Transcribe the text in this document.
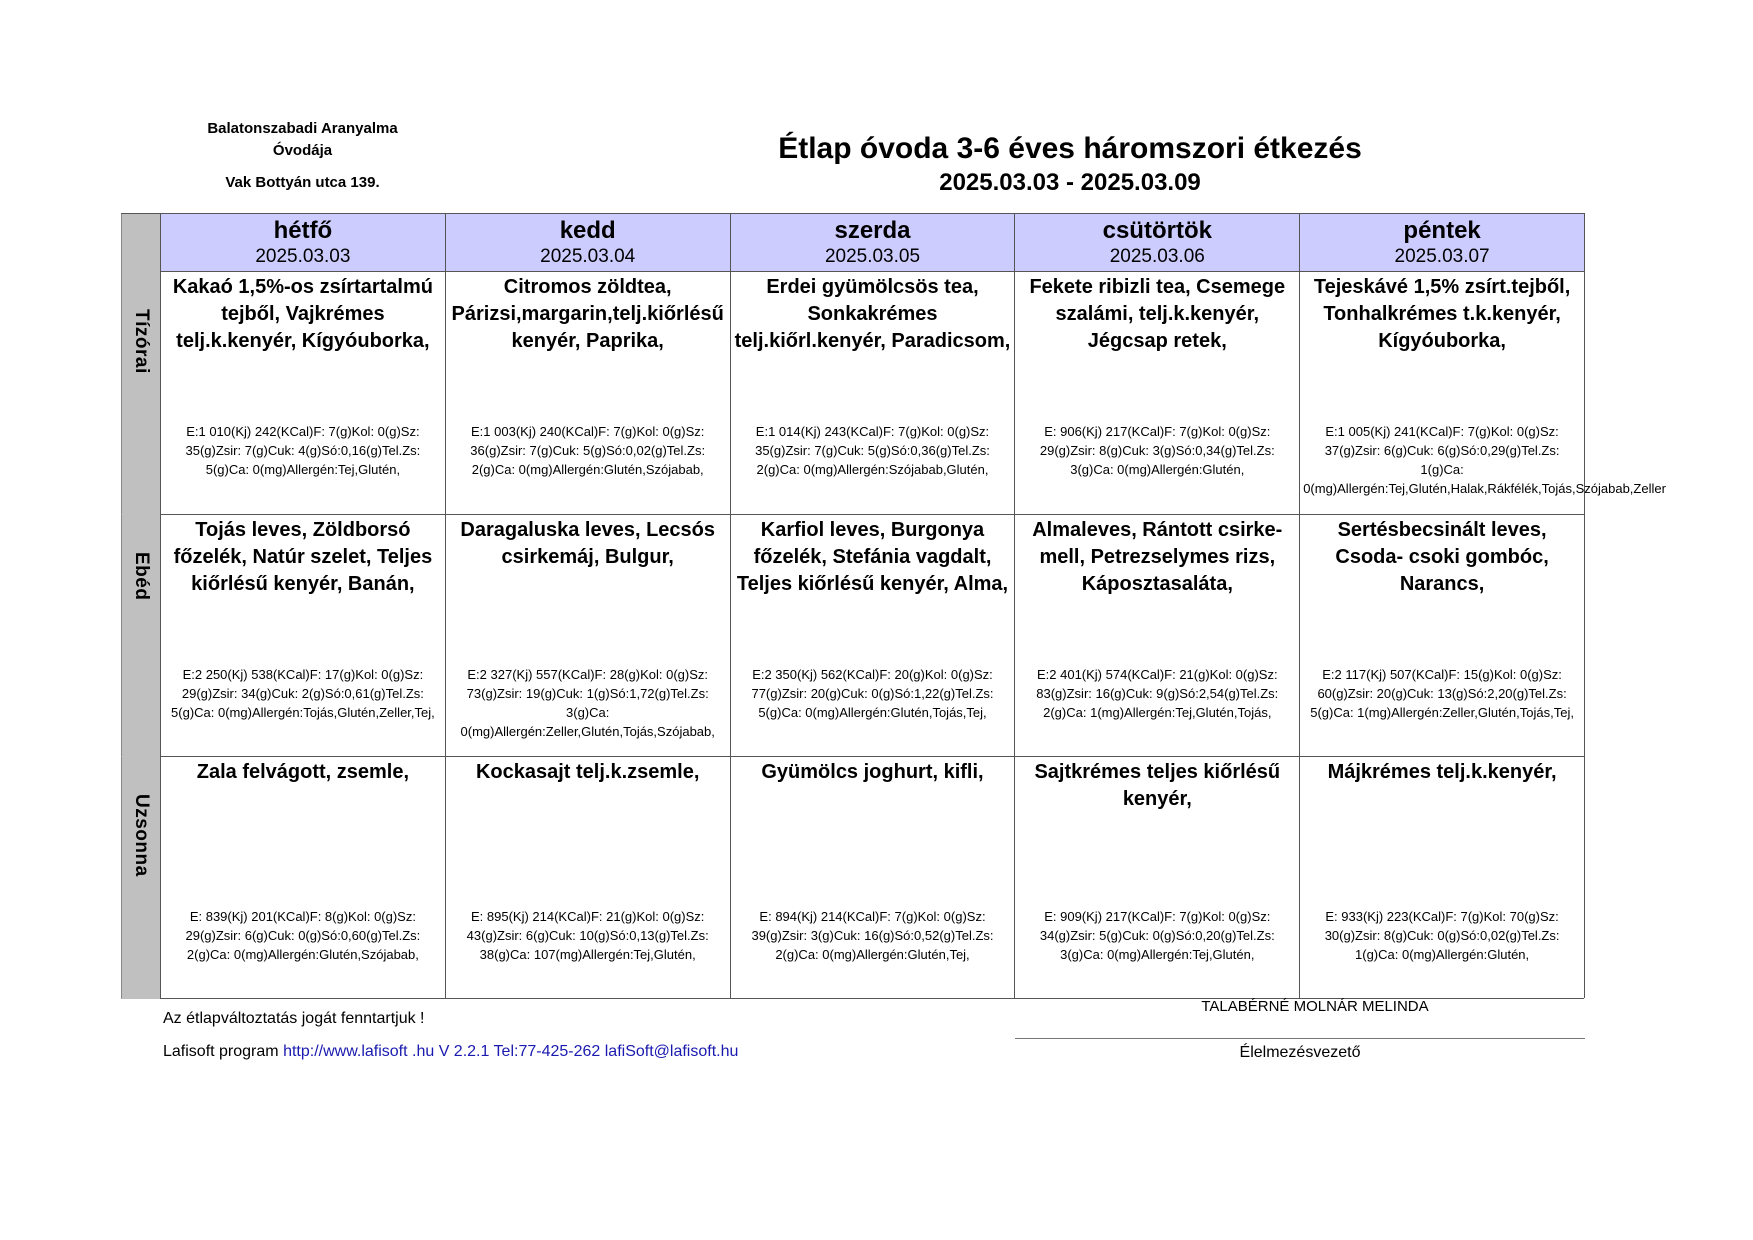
Balatonszabadi Aranyalma
Óvodája
Vak Bottyán utca 139.
Étlap óvoda 3-6 éves háromszori étkezés
2025.03.03 - 2025.03.09
hétfő
2025.03.03
kedd
2025.03.04
szerda
2025.03.05
csütörtök
2025.03.06
péntek
2025.03.07
Tízórai
Kakaó 1,5%-os zsírtartalmú tejből, Vajkrémes telj.k.kenyér, Kígyóuborka,
E:1 010(Kj) 242(KCal)F: 7(g)Kol: 0(g)Sz: 35(g)Zsir: 7(g)Cuk: 4(g)Só:0,16(g)Tel.Zs: 5(g)Ca: 0(mg)Allergén:Tej,Glutén,
Citromos zöldtea, Párizsi,margarin,telj.kiőrlésű kenyér, Paprika,
E:1 003(Kj) 240(KCal)F: 7(g)Kol: 0(g)Sz: 36(g)Zsir: 7(g)Cuk: 5(g)Só:0,02(g)Tel.Zs: 2(g)Ca: 0(mg)Allergén:Glutén,Szójabab,
Erdei gyümölcsös tea, Sonkakrémes telj.kiőrl.kenyér, Paradicsom,
E:1 014(Kj) 243(KCal)F: 7(g)Kol: 0(g)Sz: 35(g)Zsir: 7(g)Cuk: 5(g)Só:0,36(g)Tel.Zs: 2(g)Ca: 0(mg)Allergén:Szójabab,Glutén,
Fekete ribizli tea, Csemege szalámi, telj.k.kenyér, Jégcsap retek,
E: 906(Kj) 217(KCal)F: 7(g)Kol: 0(g)Sz: 29(g)Zsir: 8(g)Cuk: 3(g)Só:0,34(g)Tel.Zs: 3(g)Ca: 0(mg)Allergén:Glutén,
Tejeskávé 1,5% zsírt.tejből, Tonhalkrémes t.k.kenyér, Kígyóuborka,
E:1 005(Kj) 241(KCal)F: 7(g)Kol: 0(g)Sz: 37(g)Zsir: 6(g)Cuk: 6(g)Só:0,29(g)Tel.Zs: 1(g)Ca: 0(mg)Allergén:Tej,Glutén,Halak,Rákfélék,Tojás,Szójabab,Zeller
Ebéd
Tojás leves, Zöldborsó főzelék, Natúr szelet, Teljes kiőrlésű kenyér, Banán,
E:2 250(Kj) 538(KCal)F: 17(g)Kol: 0(g)Sz: 29(g)Zsir: 34(g)Cuk: 2(g)Só:0,61(g)Tel.Zs: 5(g)Ca: 0(mg)Allergén:Tojás,Glutén,Zeller,Tej,
Daragaluska leves, Lecsós csirkemáj, Bulgur,
E:2 327(Kj) 557(KCal)F: 28(g)Kol: 0(g)Sz: 73(g)Zsir: 19(g)Cuk: 1(g)Só:1,72(g)Tel.Zs: 3(g)Ca: 0(mg)Allergén:Zeller,Glutén,Tojás,Szójabab,
Karfiol leves, Burgonya főzelék, Stefánia vagdalt, Teljes kiőrlésű kenyér, Alma,
E:2 350(Kj) 562(KCal)F: 20(g)Kol: 0(g)Sz: 77(g)Zsir: 20(g)Cuk: 0(g)Só:1,22(g)Tel.Zs: 5(g)Ca: 0(mg)Allergén:Glutén,Tojás,Tej,
Almaleves, Rántott csirke-mell, Petrezselymes rizs, Káposztasaláta,
E:2 401(Kj) 574(KCal)F: 21(g)Kol: 0(g)Sz: 83(g)Zsir: 16(g)Cuk: 9(g)Só:2,54(g)Tel.Zs: 2(g)Ca: 1(mg)Allergén:Tej,Glutén,Tojás,
Sertésbecsinált leves, Csoda- csoki gombóc, Narancs,
E:2 117(Kj) 507(KCal)F: 15(g)Kol: 0(g)Sz: 60(g)Zsir: 20(g)Cuk: 13(g)Só:2,20(g)Tel.Zs: 5(g)Ca: 1(mg)Allergén:Zeller,Glutén,Tojás,Tej,
Uzsonna
Zala felvágott, zsemle,
E: 839(Kj) 201(KCal)F: 8(g)Kol: 0(g)Sz: 29(g)Zsir: 6(g)Cuk: 0(g)Só:0,60(g)Tel.Zs: 2(g)Ca: 0(mg)Allergén:Glutén,Szójabab,
Kockasajt telj.k.zsemle,
E: 895(Kj) 214(KCal)F: 21(g)Kol: 0(g)Sz: 43(g)Zsir: 6(g)Cuk: 10(g)Só:0,13(g)Tel.Zs: 38(g)Ca: 107(mg)Allergén:Tej,Glutén,
Gyümölcs joghurt, kifli,
E: 894(Kj) 214(KCal)F: 7(g)Kol: 0(g)Sz: 39(g)Zsir: 3(g)Cuk: 16(g)Só:0,52(g)Tel.Zs: 2(g)Ca: 0(mg)Allergén:Glutén,Tej,
Sajtkrémes teljes kiőrlésű kenyér,
E: 909(Kj) 217(KCal)F: 7(g)Kol: 0(g)Sz: 34(g)Zsir: 5(g)Cuk: 0(g)Só:0,20(g)Tel.Zs: 3(g)Ca: 0(mg)Allergén:Tej,Glutén,
Májkrémes telj.k.kenyér,
E: 933(Kj) 223(KCal)F: 7(g)Kol: 70(g)Sz: 30(g)Zsir: 8(g)Cuk: 0(g)Só:0,02(g)Tel.Zs: 1(g)Ca: 0(mg)Allergén:Glutén,
Az étlapváltoztatás jogát fenntartjuk !
Lafisoft program http://www.lafisoft .hu V 2.2.1 Tel:77-425-262 lafiSoft@lafisoft.hu
TALABÉRNÉ MOLNÁR MELINDA
Élelmezésvezető
